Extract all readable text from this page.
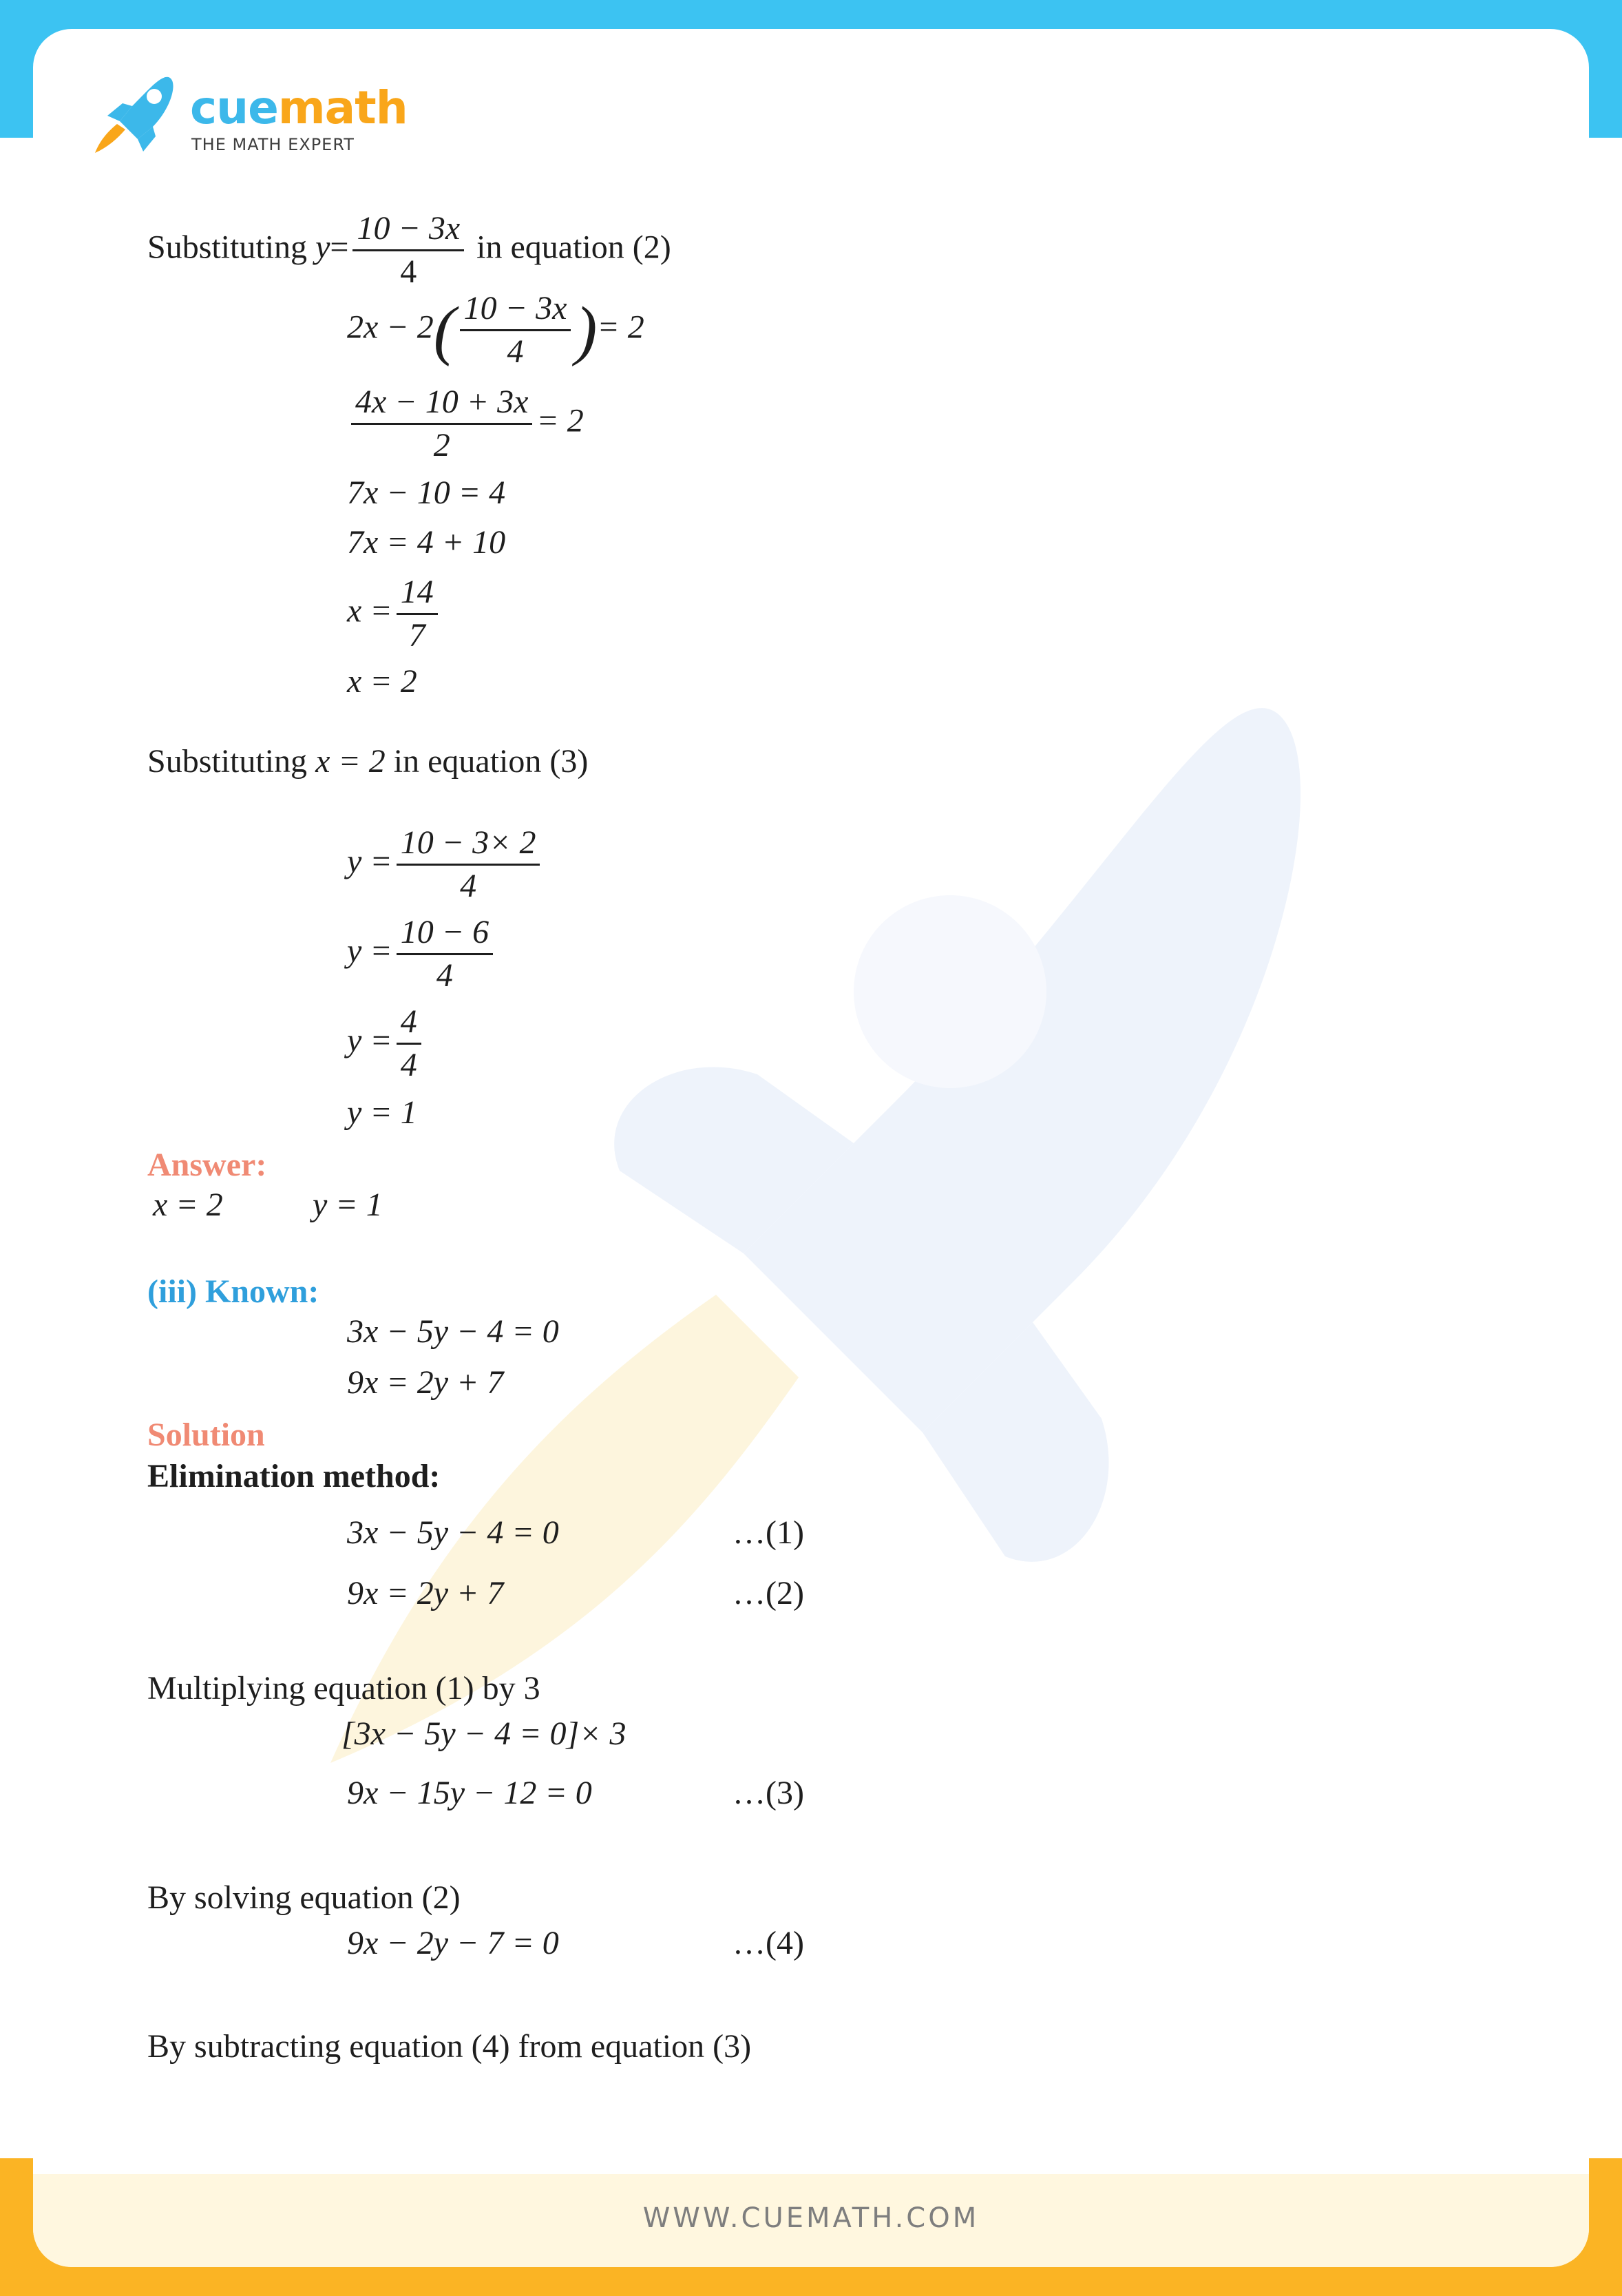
cuemath
THE MATH EXPERT
Substituting $y= \frac{10 - 3x}{4}$ in equation (2)
$2x - 2( \frac{10 - 3x}{4}$ )= 2
$\frac{4x - 10 + 3x}{2} = 2$
7x − 10 = 4
7x = 4 + 10
$x = \frac{14}{7}$
x = 2
Substituting x = 2 in equation (3)
$y = \frac{10 - 3\times 2}{4}$
$y = \frac{10 - 6}{4}$
$y = \frac{4}{4}$
y = 1
Answer:
x = 2	y = 1
(iii) Known:
3x − 5y − 4 = 0
9x = 2y + 7
Solution
Elimination method:
3x − 5y − 4 = 0	…(1)
9x = 2y + 7	…(2)
Multiplying equation (1) by 3
[3x − 5y − 4 = 0]× 3
9x − 15y − 12 = 0	…(3)
By solving equation (2)
9x − 2y − 7 = 0	…(4)
By subtracting equation (4) from equation (3)
WWW.CUEMATH.COM
